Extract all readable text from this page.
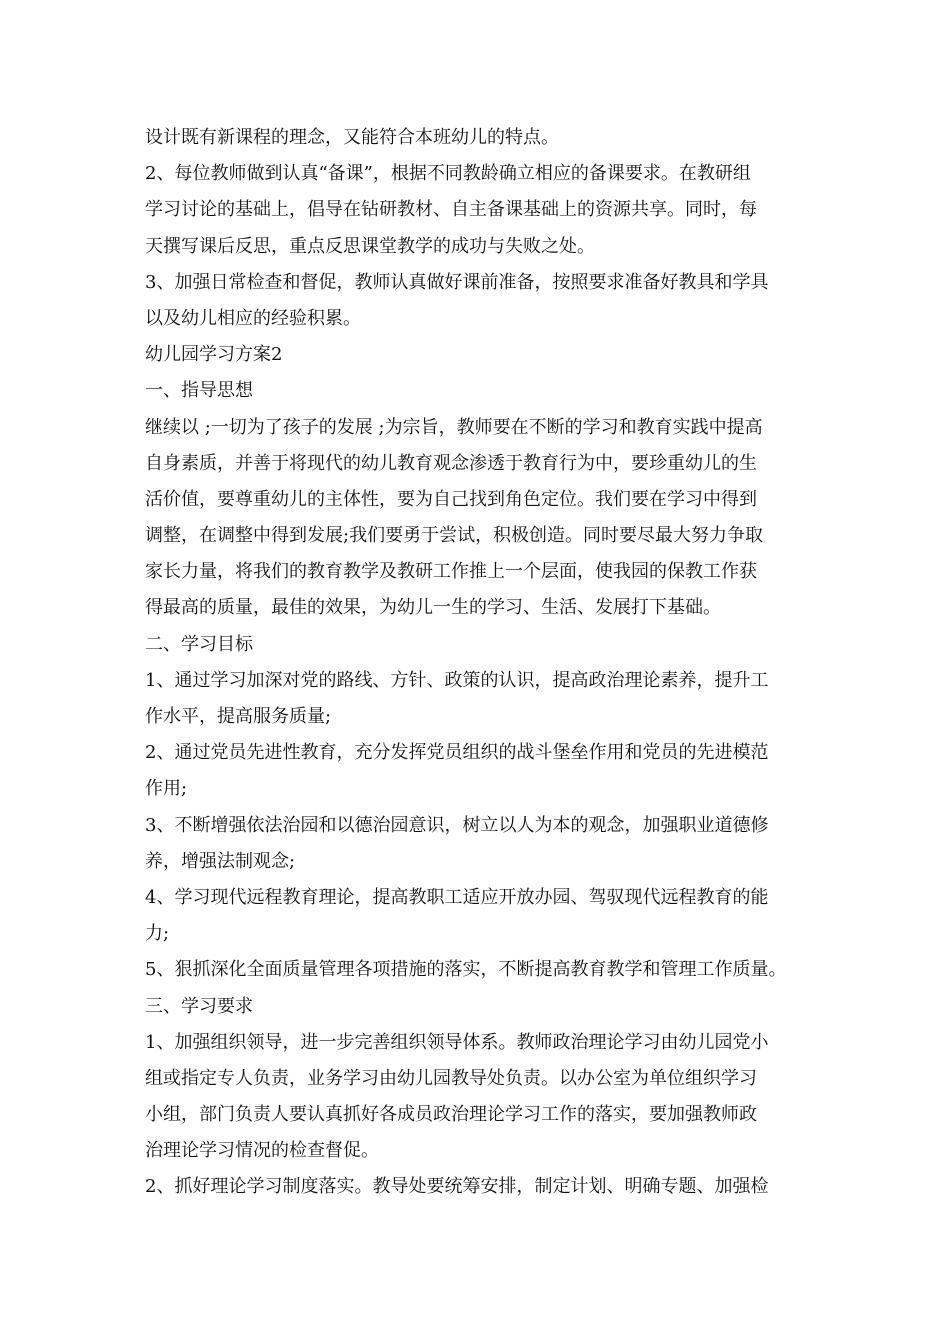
设计既有新课程的理念，又能符合本班幼儿的特点。
2、每位教师做到认真“备课”，根据不同教龄确立相应的备课要求。在教研组
学习讨论的基础上，倡导在钻研教材、自主备课基础上的资源共享。同时，每
天撰写课后反思，重点反思课堂教学的成功与失败之处。
3、加强日常检查和督促，教师认真做好课前准备，按照要求准备好教具和学具
以及幼儿相应的经验积累。
幼儿园学习方案2
一、指导思想
继续以 ;一切为了孩子的发展 ;为宗旨，教师要在不断的学习和教育实践中提高
自身素质，并善于将现代的幼儿教育观念渗透于教育行为中，要珍重幼儿的生
活价值，要尊重幼儿的主体性，要为自己找到角色定位。我们要在学习中得到
调整，在调整中得到发展;我们要勇于尝试，积极创造。同时要尽最大努力争取
家长力量，将我们的教育教学及教研工作推上一个层面，使我园的保教工作获
得最高的质量，最佳的效果，为幼儿一生的学习、生活、发展打下基础。
二、学习目标
1、通过学习加深对党的路线、方针、政策的认识，提高政治理论素养，提升工
作水平，提高服务质量;
2、通过党员先进性教育，充分发挥党员组织的战斗堡垒作用和党员的先进模范
作用;
3、不断增强依法治园和以德治园意识，树立以人为本的观念，加强职业道德修
养，增强法制观念;
4、学习现代远程教育理论，提高教职工适应开放办园、驾驭现代远程教育的能
力;
5、狠抓深化全面质量管理各项措施的落实，不断提高教育教学和管理工作质量。
三、学习要求
1、加强组织领导，进一步完善组织领导体系。教师政治理论学习由幼儿园党小
组或指定专人负责，业务学习由幼儿园教导处负责。以办公室为单位组织学习
小组，部门负责人要认真抓好各成员政治理论学习工作的落实，要加强教师政
治理论学习情况的检查督促。
2、抓好理论学习制度落实。教导处要统筹安排，制定计划、明确专题、加强检
